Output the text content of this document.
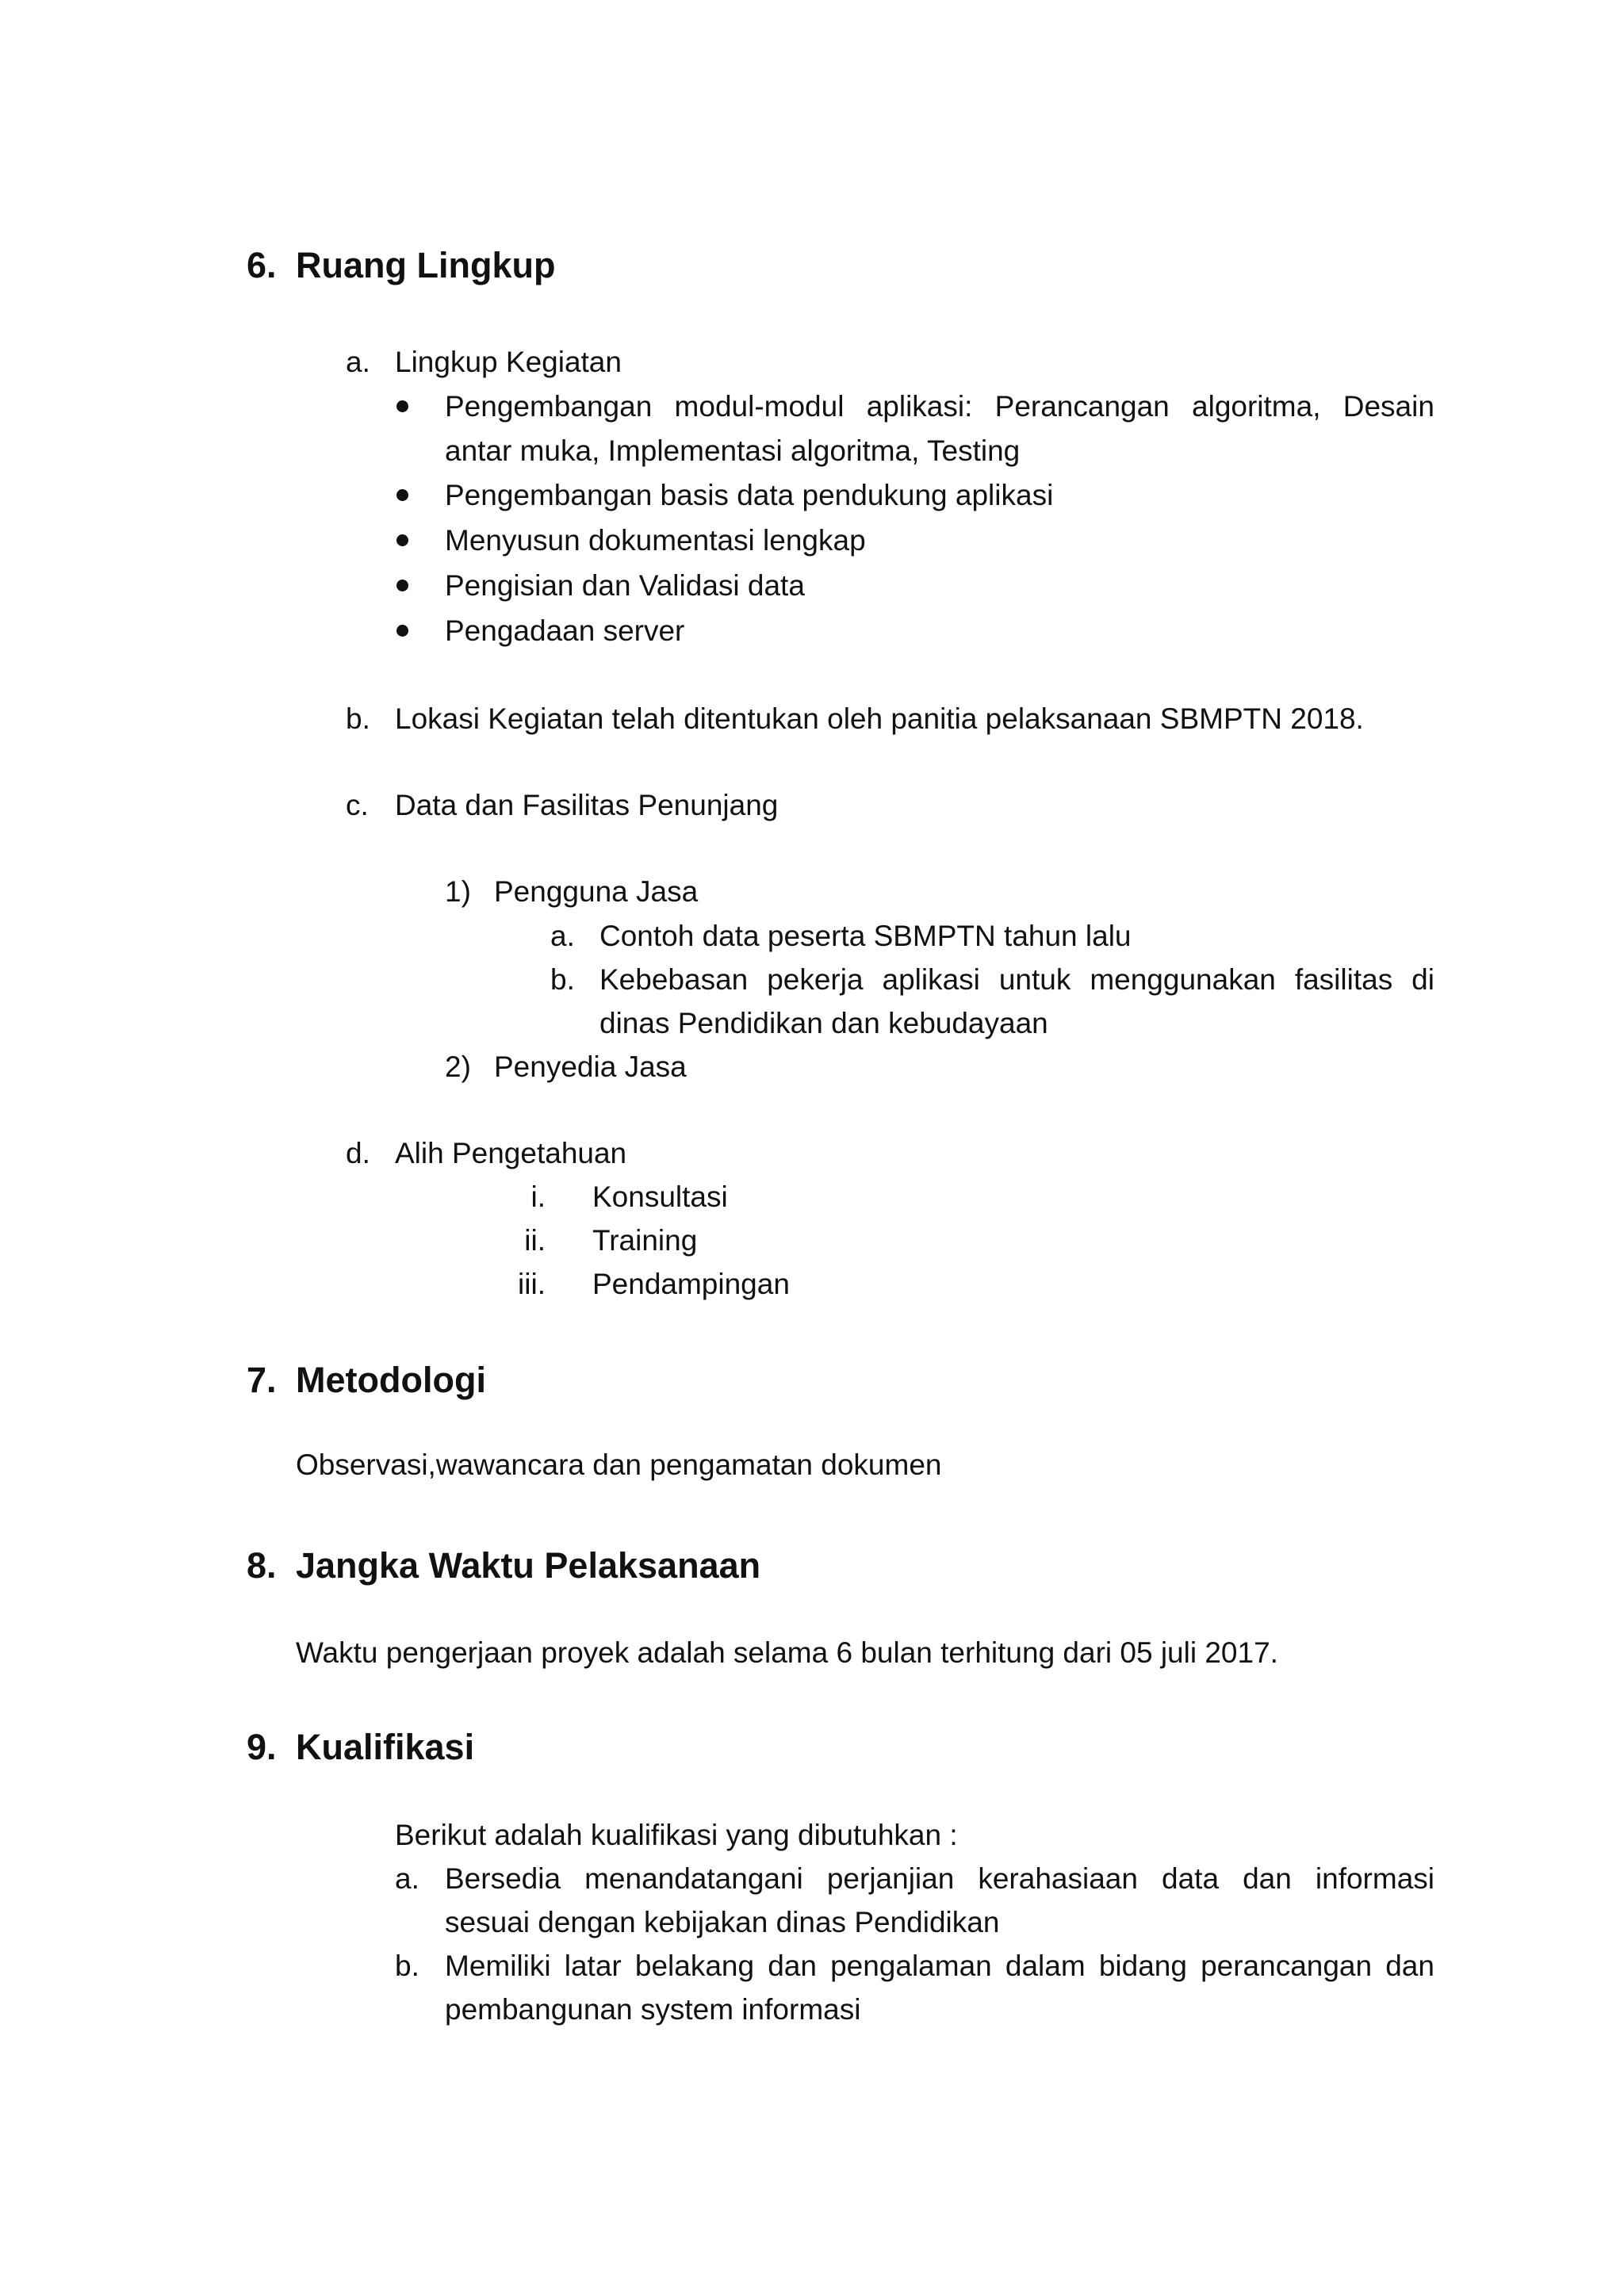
6. Ruang Lingkup
a. Lingkup Kegiatan
Pengembangan modul-modul aplikasi: Perancangan algoritma, Desain
antar muka, Implementasi algoritma, Testing
Pengembangan basis data pendukung aplikasi
Menyusun dokumentasi lengkap
Pengisian dan Validasi data
Pengadaan server
b. Lokasi Kegiatan telah ditentukan oleh panitia pelaksanaan SBMPTN 2018.
c. Data dan Fasilitas Penunjang
1) Pengguna Jasa
a. Contoh data peserta SBMPTN tahun lalu
b. Kebebasan pekerja aplikasi untuk menggunakan fasilitas di
dinas Pendidikan dan kebudayaan
2) Penyedia Jasa
d. Alih Pengetahuan
i. Konsultasi
ii. Training
iii. Pendampingan
7. Metodologi
Observasi,wawancara dan pengamatan dokumen
8. Jangka Waktu Pelaksanaan
Waktu pengerjaan proyek adalah selama 6 bulan terhitung dari 05 juli 2017.
9. Kualifikasi
Berikut adalah kualifikasi yang dibutuhkan :
a. Bersedia menandatangani perjanjian kerahasiaan data dan informasi
sesuai dengan kebijakan dinas Pendidikan
b. Memiliki latar belakang dan pengalaman dalam bidang perancangan dan
pembangunan system informasi
